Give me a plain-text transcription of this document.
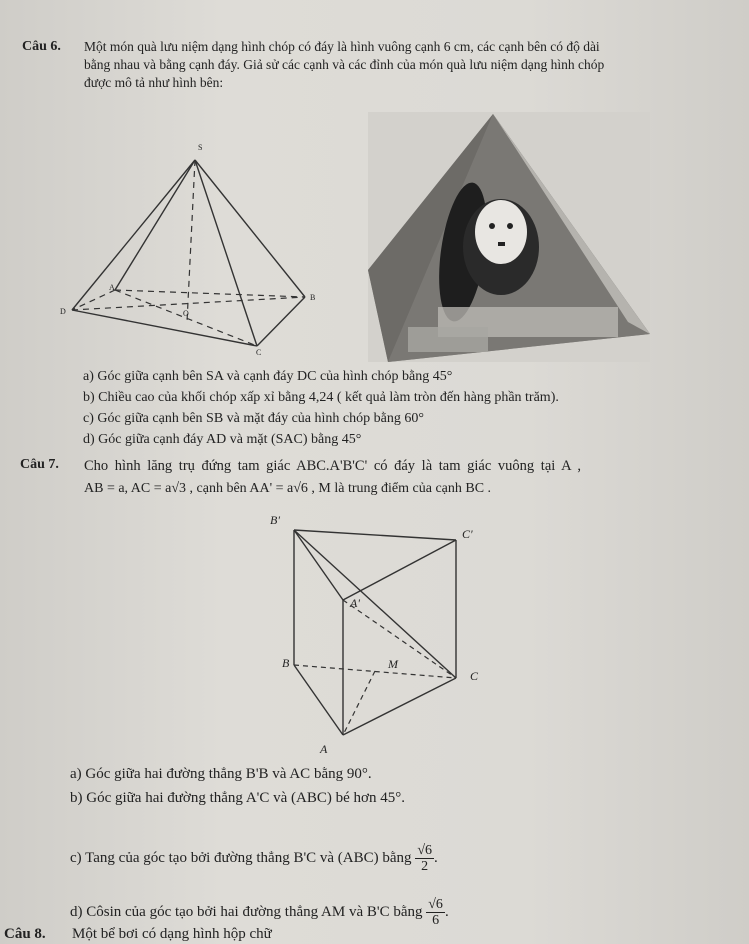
Câu 6. Một món quà lưu niệm dạng hình chóp có đáy là hình vuông cạnh 6 cm, các cạnh bên có độ dài
bằng nhau và bằng cạnh đáy. Giả sử các cạnh và các đỉnh của món quà lưu niệm dạng hình chóp
được mô tả như hình bên:
S
A
B
C
D	O
a) Góc giữa cạnh bên SA và cạnh đáy DC của hình chóp bằng 45°
b) Chiều cao của khối chóp xấp xỉ bằng 4,24 ( kết quả làm tròn đến hàng phần trăm).
c) Góc giữa cạnh bên SB và mặt đáy của hình chóp bằng 60°
d) Góc giữa cạnh đáy AD và mặt (SAC) bằng 45°
Câu 7. Cho hình lăng trụ đứng tam giác ABC.A'B'C' có đáy là tam giác vuông tại A ,
AB = a, AC = a√3 , cạnh bên AA' = a√6 , M là trung điểm của cạnh BC .
B'
C'
A'
B	M
C
A
a) Góc giữa hai đường thẳng B'B và AC bằng 90°.
b) Góc giữa hai đường thẳng A'C và (ABC) bé hơn 45°.
c) Tang của góc tạo bởi đường thẳng B'C và (ABC) bằng $\frac{√6}{2}$ .
d) Côsin của góc tạo bởi hai đường thẳng AM và B'C bằng $\frac{√6}{6}$ .
Câu 8. Một bể bơi có dạng hình hộp chữ
